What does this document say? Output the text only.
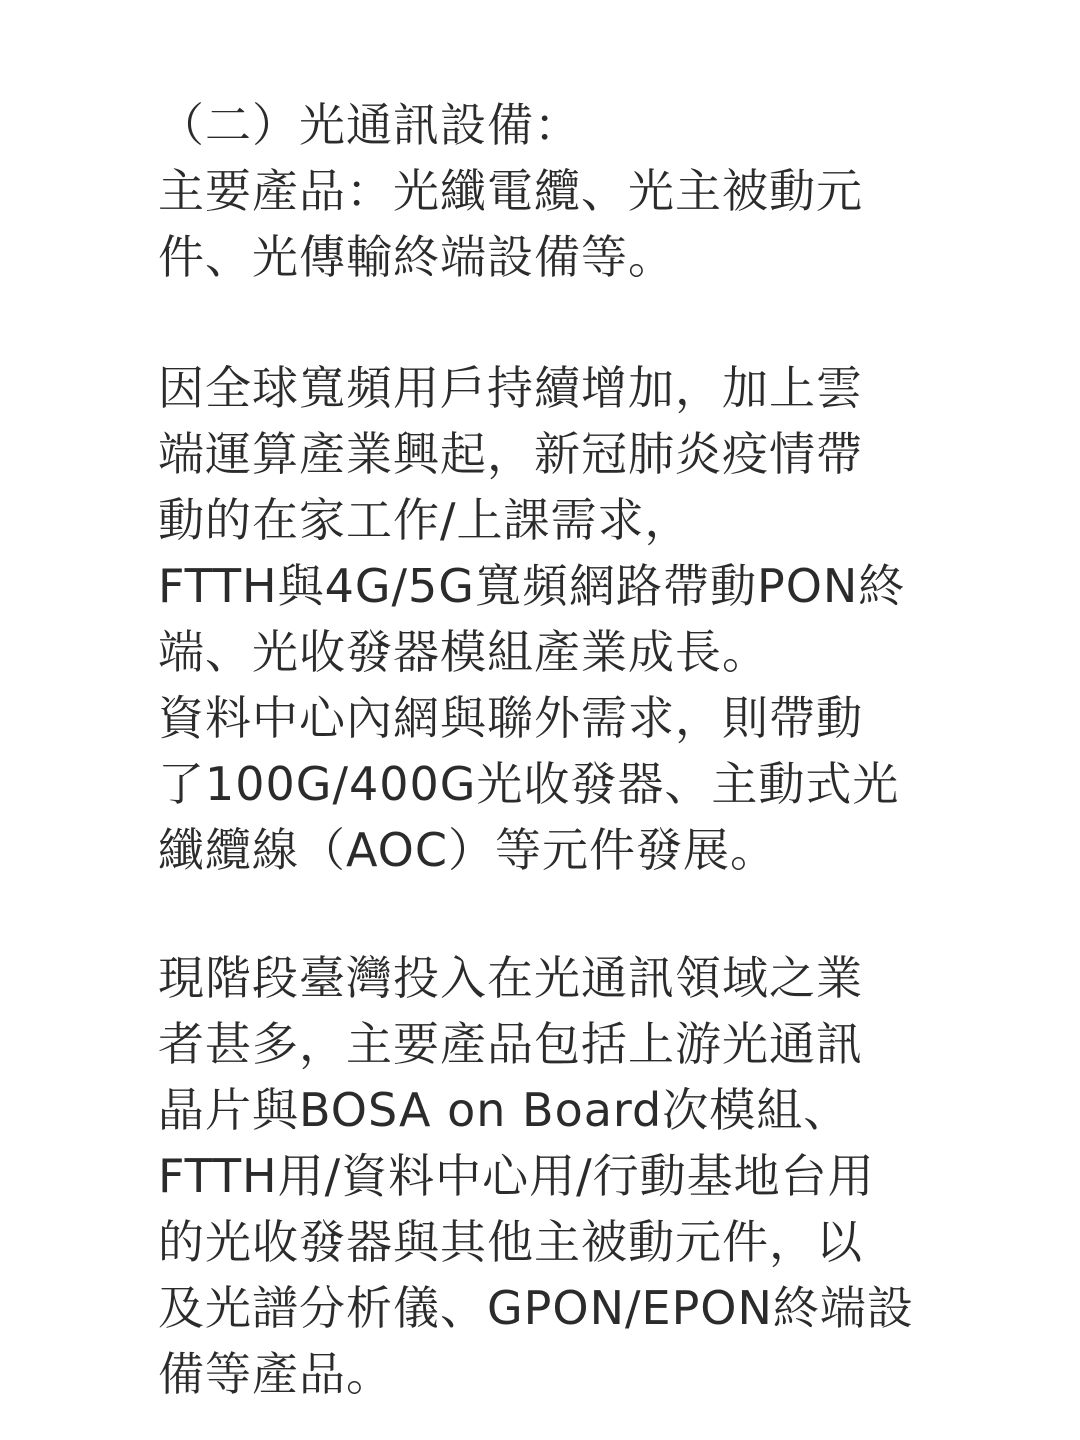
（二）光通訊設備：
主要產品：光纖電纜、光主被動元
件、光傳輸終端設備等。
因全球寬頻用戶持續增加，加上雲
端運算產業興起，新冠肺炎疫情帶
動的在家工作/上課需求，
FTTH與4G/5G寬頻網路帶動PON終
端、光收發器模組產業成長。
資料中心內網與聯外需求，則帶動
了100G/400G光收發器、主動式光
纖纜線（AOC）等元件發展。
現階段臺灣投入在光通訊領域之業
者甚多，主要產品包括上游光通訊
晶片與BOSA on Board次模組、
FTTH用/資料中心用/行動基地台用
的光收發器與其他主被動元件，以
及光譜分析儀、GPON/EPON終端設
備等產品。
